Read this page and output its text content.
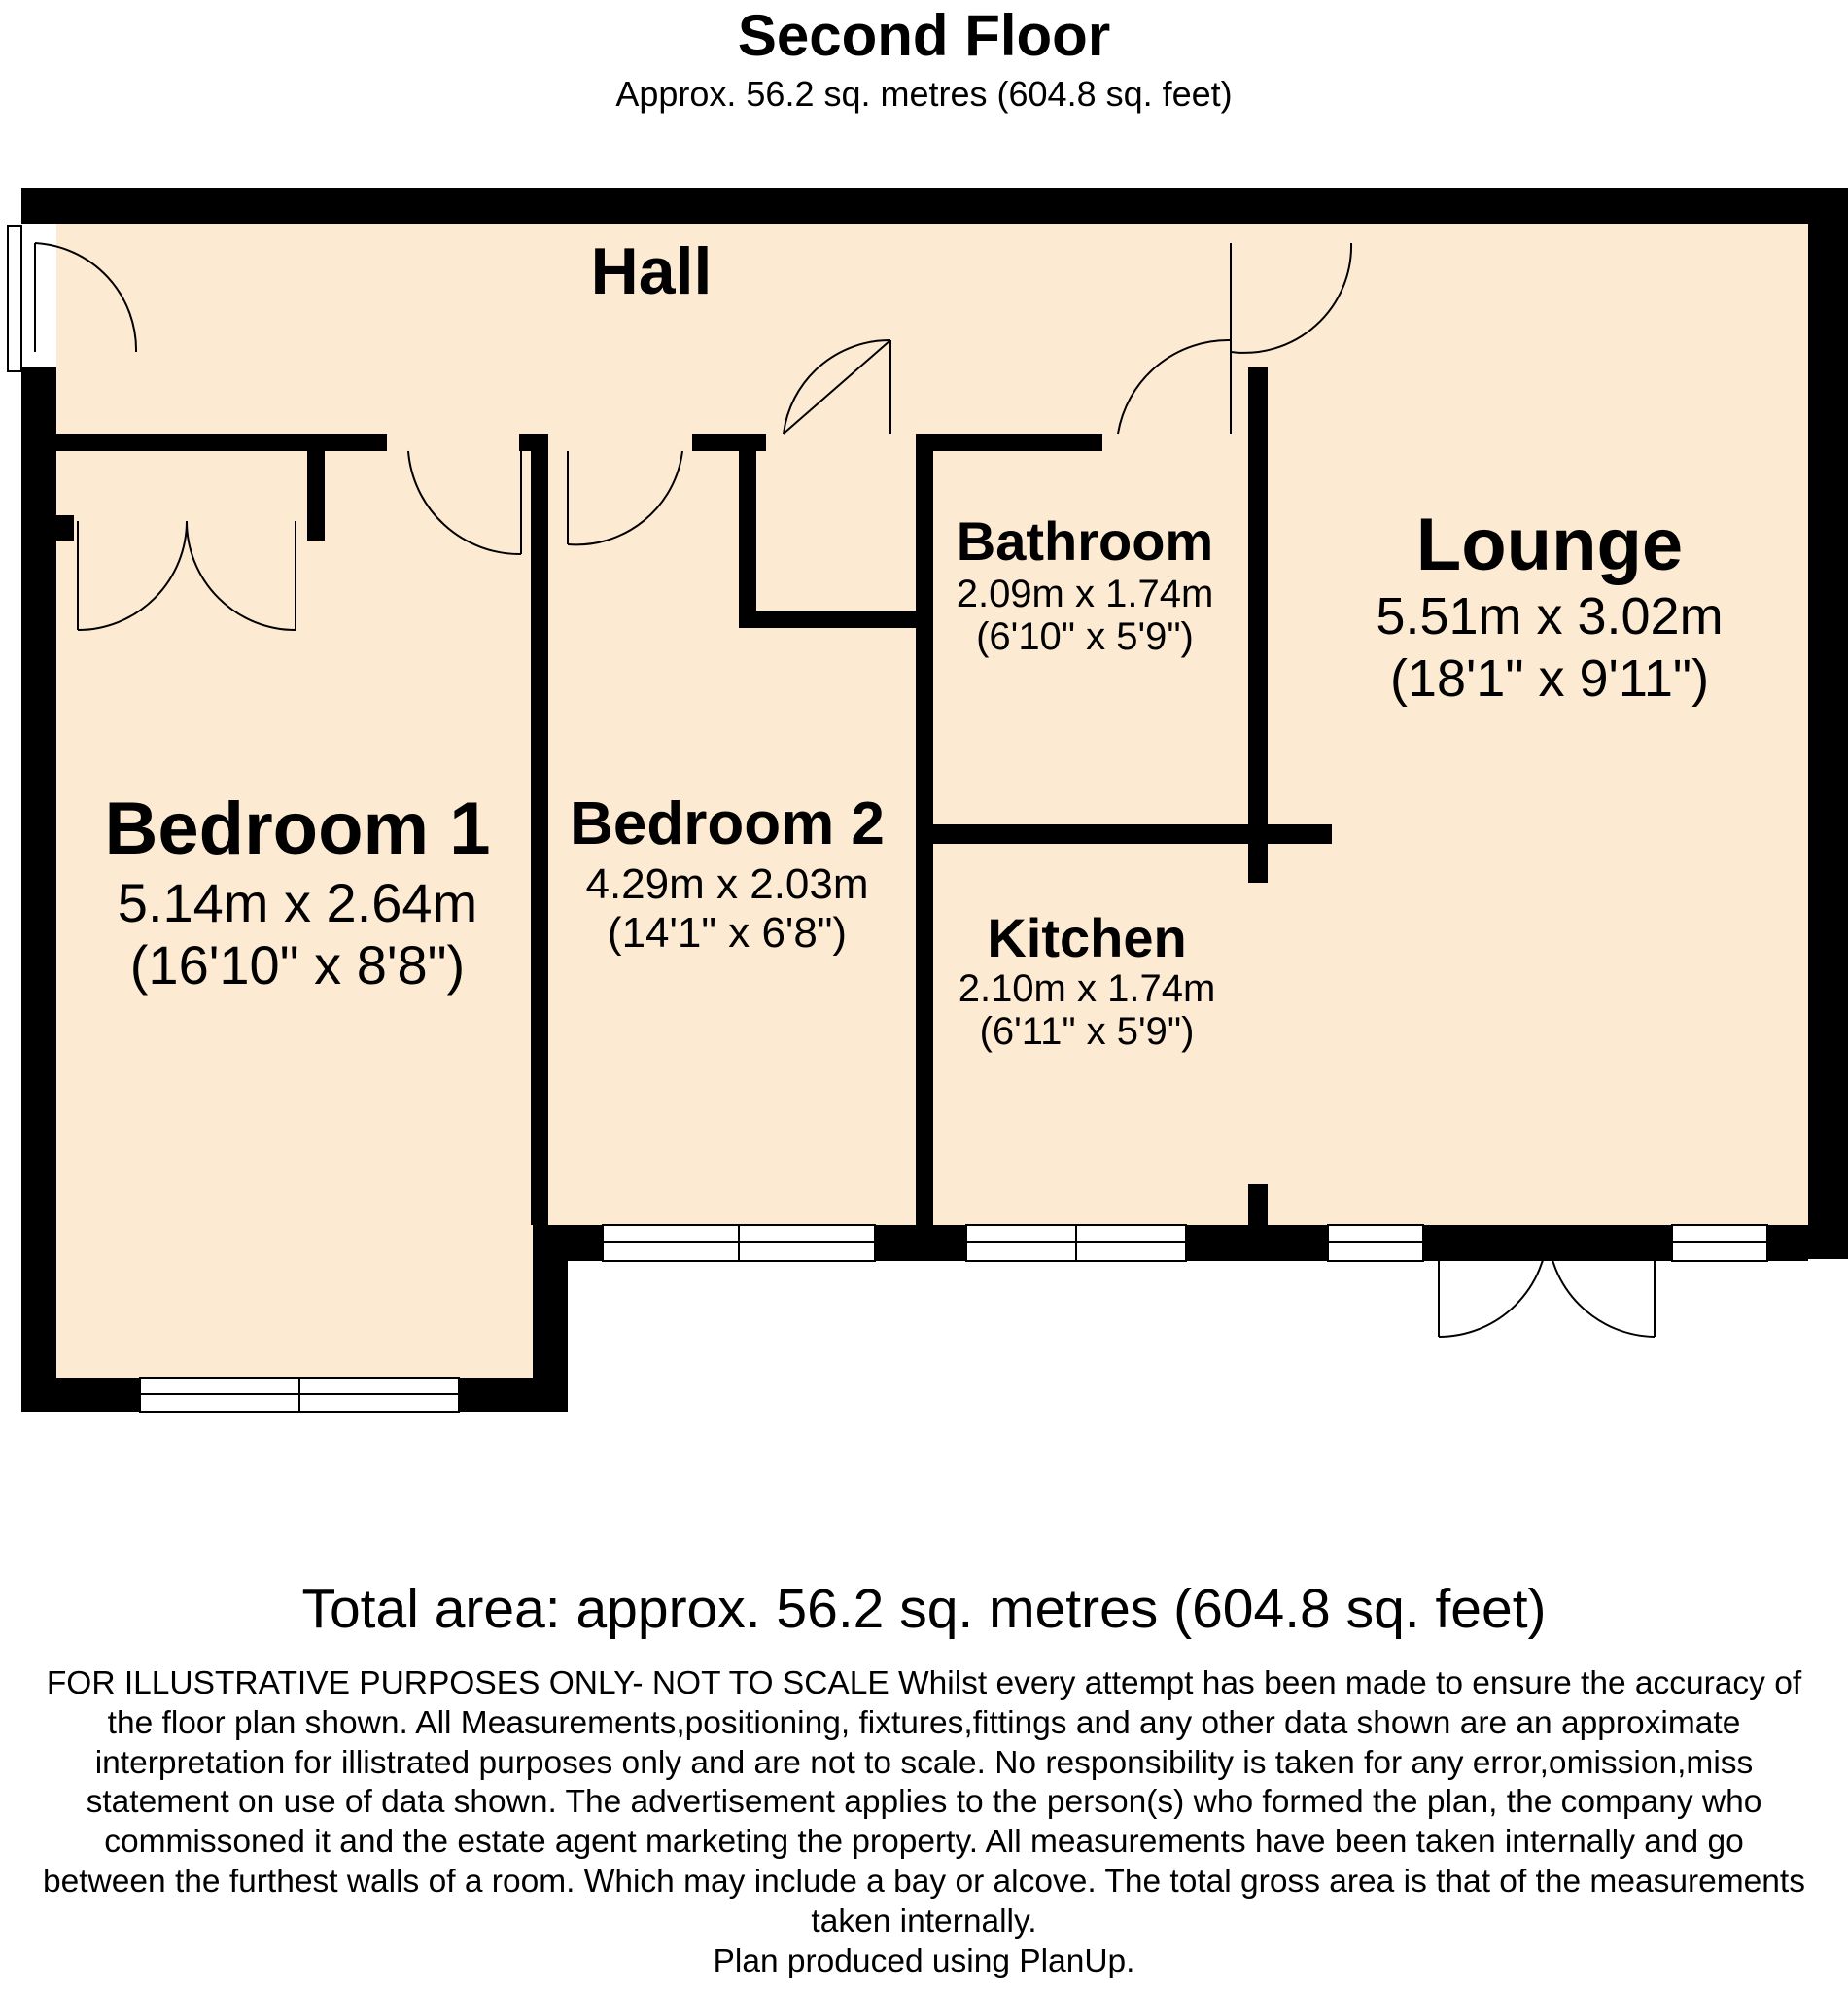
Second Floor
Approx. 56.2 sq. metres (604.8 sq. feet)
Hall
Bedroom 1
5.14m x 2.64m
(16'10" x 8'8")
Bedroom 2
4.29m x 2.03m
(14'1" x 6'8")
Bathroom
2.09m x 1.74m
(6'10" x 5'9")
Kitchen
2.10m x 1.74m
(6'11" x 5'9")
Lounge
5.51m x 3.02m
(18'1" x 9'11")
Total area: approx. 56.2 sq. metres (604.8 sq. feet)
FOR ILLUSTRATIVE PURPOSES ONLY- NOT TO SCALE Whilst every attempt has been made to ensure the accuracy of the floor plan shown. All Measurements,positioning, fixtures,fittings and any other data shown are an approximate interpretation for illistrated purposes only and are not to scale. No responsibility is taken for any error,omission,miss statement on use of data shown. The advertisement applies to the person(s) who formed the plan, the company who commissoned it and the estate agent marketing the property. All measurements have been taken internally and go between the furthest walls of a room. Which may include a bay or alcove. The total gross area is that of the measurements taken internally.
Plan produced using PlanUp.
